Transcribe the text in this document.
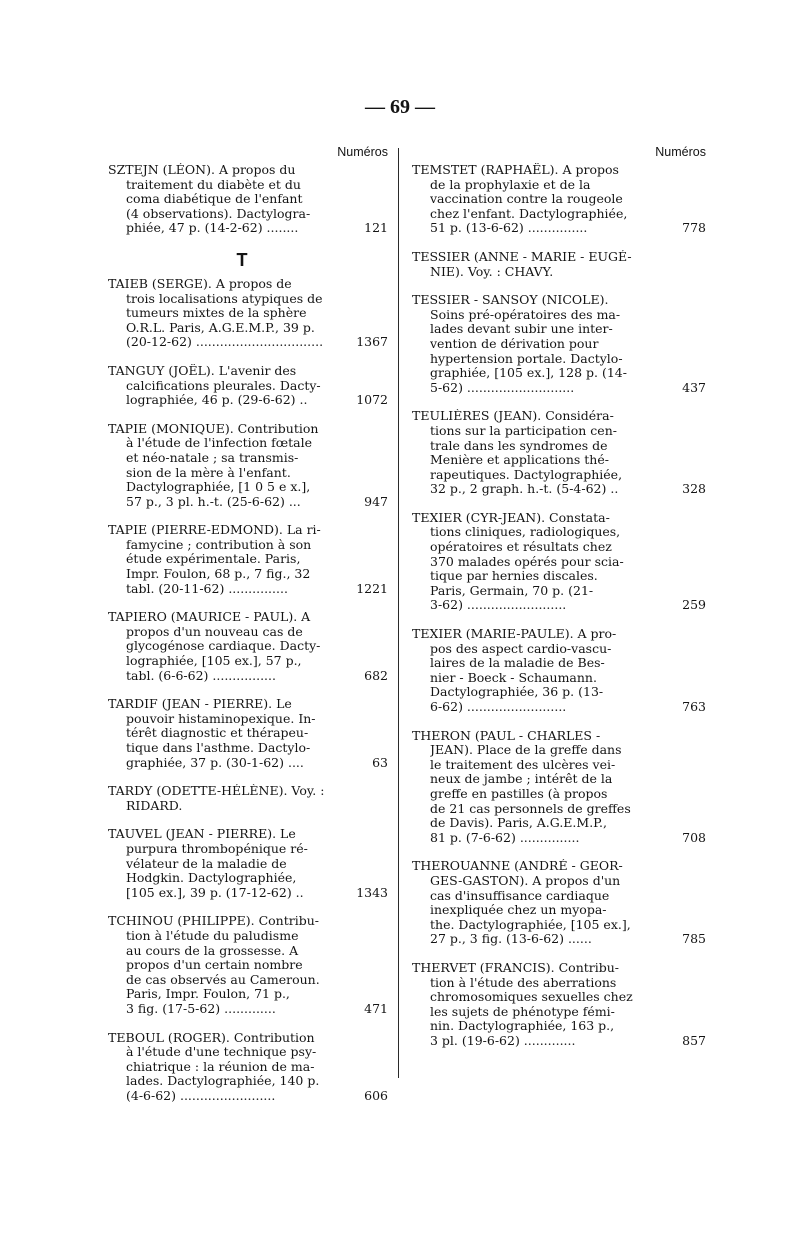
— 69 —
Numéros
SZTEJN (LÉON). A propos du
traitement du diabète et du
coma diabétique de l'enfant
(4 observations). Dactylogra-
phiée, 47 p. (14-2-62) ........	121
T
TAIEB (SERGE). A propos de
trois localisations atypiques de
tumeurs mixtes de la sphère
O.R.L. Paris, A.G.E.M.P., 39 p.
(20-12-62) ................................	1367
TANGUY (JOËL). L'avenir des
calcifications pleurales. Dacty-
lographiée, 46 p. (29-6-62) ..	1072
TAPIE (MONIQUE). Contribution
à l'étude de l'infection fœtale
et néo-natale ; sa transmis-
sion de la mère à l'enfant.
Dactylographiée, [1 0 5 e x.],
57 p., 3 pl. h.-t. (25-6-62) ...	947
TAPIE (PIERRE-EDMOND). La ri-
famycine ; contribution à son
étude expérimentale. Paris,
Impr. Foulon, 68 p., 7 fig., 32
tabl. (20-11-62) ...............	1221
TAPIERO (MAURICE - PAUL). A
propos d'un nouveau cas de
glycogénose cardiaque. Dacty-
lographiée, [105 ex.], 57 p.,
tabl. (6-6-62) ................	682
TARDIF (JEAN - PIERRE). Le
pouvoir histaminopexique. In-
térêt diagnostic et thérapeu-
tique dans l'asthme. Dactylo-
graphiée, 37 p. (30-1-62) ....	63
TARDY (ODETTE-HÉLÈNE). Voy. :
RIDARD.
TAUVEL (JEAN - PIERRE). Le
purpura thrombopénique ré-
vélateur de la maladie de
Hodgkin. Dactylographiée,
[105 ex.], 39 p. (17-12-62) ..	1343
TCHINOU (PHILIPPE). Contribu-
tion à l'étude du paludisme
au cours de la grossesse. A
propos d'un certain nombre
de cas observés au Cameroun.
Paris, Impr. Foulon, 71 p.,
3 fig. (17-5-62) .............	471
TEBOUL (ROGER). Contribution
à l'étude d'une technique psy-
chiatrique : la réunion de ma-
lades. Dactylographiée, 140 p.
(4-6-62) ........................	606
Numéros
TEMSTET (RAPHAËL). A propos
de la prophylaxie et de la
vaccination contre la rougeole
chez l'enfant. Dactylographiée,
51 p. (13-6-62) ...............	778
TESSIER (ANNE - MARIE - EUGÉ-
NIE). Voy. : CHAVY.
TESSIER - SANSOY (NICOLE).
Soins pré-opératoires des ma-
lades devant subir une inter-
vention de dérivation pour
hypertension portale. Dactylo-
graphiée, [105 ex.], 128 p. (14-
5-62) ...........................	437
TEULIÈRES (JEAN). Considéra-
tions sur la participation cen-
trale dans les syndromes de
Menière et applications thé-
rapeutiques. Dactylographiée,
32 p., 2 graph. h.-t. (5-4-62) ..	328
TEXIER (CYR-JEAN). Constata-
tions cliniques, radiologiques,
opératoires et résultats chez
370 malades opérés pour scia-
tique par hernies discales.
Paris, Germain, 70 p. (21-
3-62) .........................	259
TEXIER (MARIE-PAULE). A pro-
pos des aspect cardio-vascu-
laires de la maladie de Bes-
nier - Boeck - Schaumann.
Dactylographiée, 36 p. (13-
6-62) .........................	763
THERON (PAUL - CHARLES -
JEAN). Place de la greffe dans
le traitement des ulcères vei-
neux de jambe ; intérêt de la
greffe en pastilles (à propos
de 21 cas personnels de greffes
de Davis). Paris, A.G.E.M.P.,
81 p. (7-6-62) ...............	708
THEROUANNE (ANDRÉ - GEOR-
GES-GASTON). A propos d'un
cas d'insuffisance cardiaque
inexpliquée chez un myopa-
the. Dactylographiée, [105 ex.],
27 p., 3 fig. (13-6-62) ......	785
THERVET (FRANCIS). Contribu-
tion à l'étude des aberrations
chromosomiques sexuelles chez
les sujets de phénotype fémi-
nin. Dactylographiée, 163 p.,
3 pl. (19-6-62) .............	857
